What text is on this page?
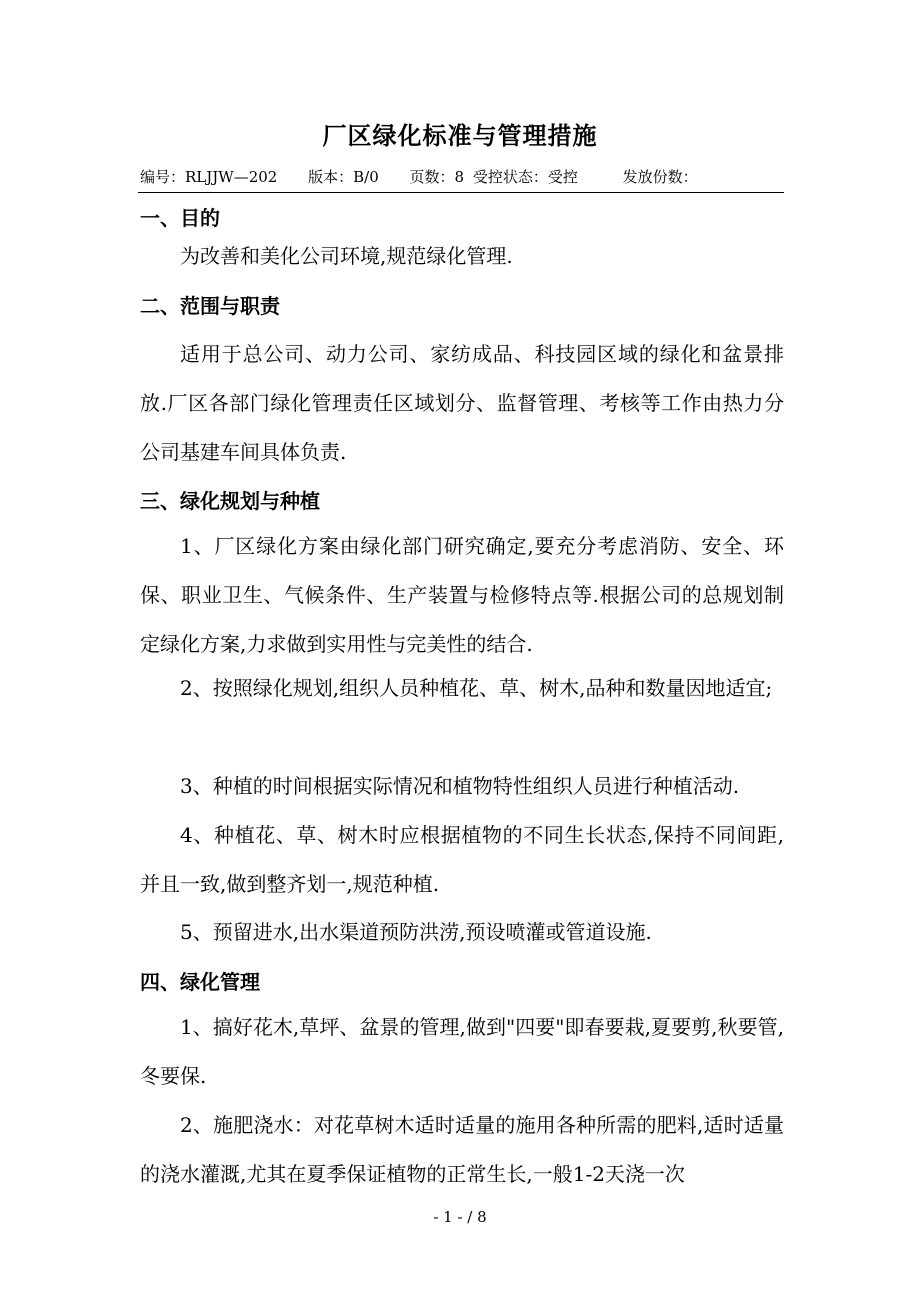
厂区绿化标准与管理措施
编号：RLJJW—202 版本：B/0 页数：8 受控状态：受控	发放份数：
一、目的
为改善和美化公司环境,规范绿化管理.
二、范围与职责
适用于总公司、动力公司、家纺成品、科技园区域的绿化和盆景排放.厂区各部门绿化管理责任区域划分、监督管理、考核等工作由热力分公司基建车间具体负责.
三、绿化规划与种植
1、厂区绿化方案由绿化部门研究确定,要充分考虑消防、安全、环保、职业卫生、气候条件、生产装置与检修特点等.根据公司的总规划制定绿化方案,力求做到实用性与完美性的结合.
2、按照绿化规划,组织人员种植花、草、树木,品种和数量因地适宜;
3、种植的时间根据实际情况和植物特性组织人员进行种植活动.
4、种植花、草、树木时应根据植物的不同生长状态,保持不同间距,并且一致,做到整齐划一,规范种植.
5、预留进水,出水渠道预防洪涝,预设喷灌或管道设施.
四、绿化管理
1、搞好花木,草坪、盆景的管理,做到"四要"即春要栽,夏要剪,秋要管,冬要保.
2、施肥浇水：对花草树木适时适量的施用各种所需的肥料,适时适量的浇水灌溉,尤其在夏季保证植物的正常生长,一般1-2天浇一次
- 1 - / 8
